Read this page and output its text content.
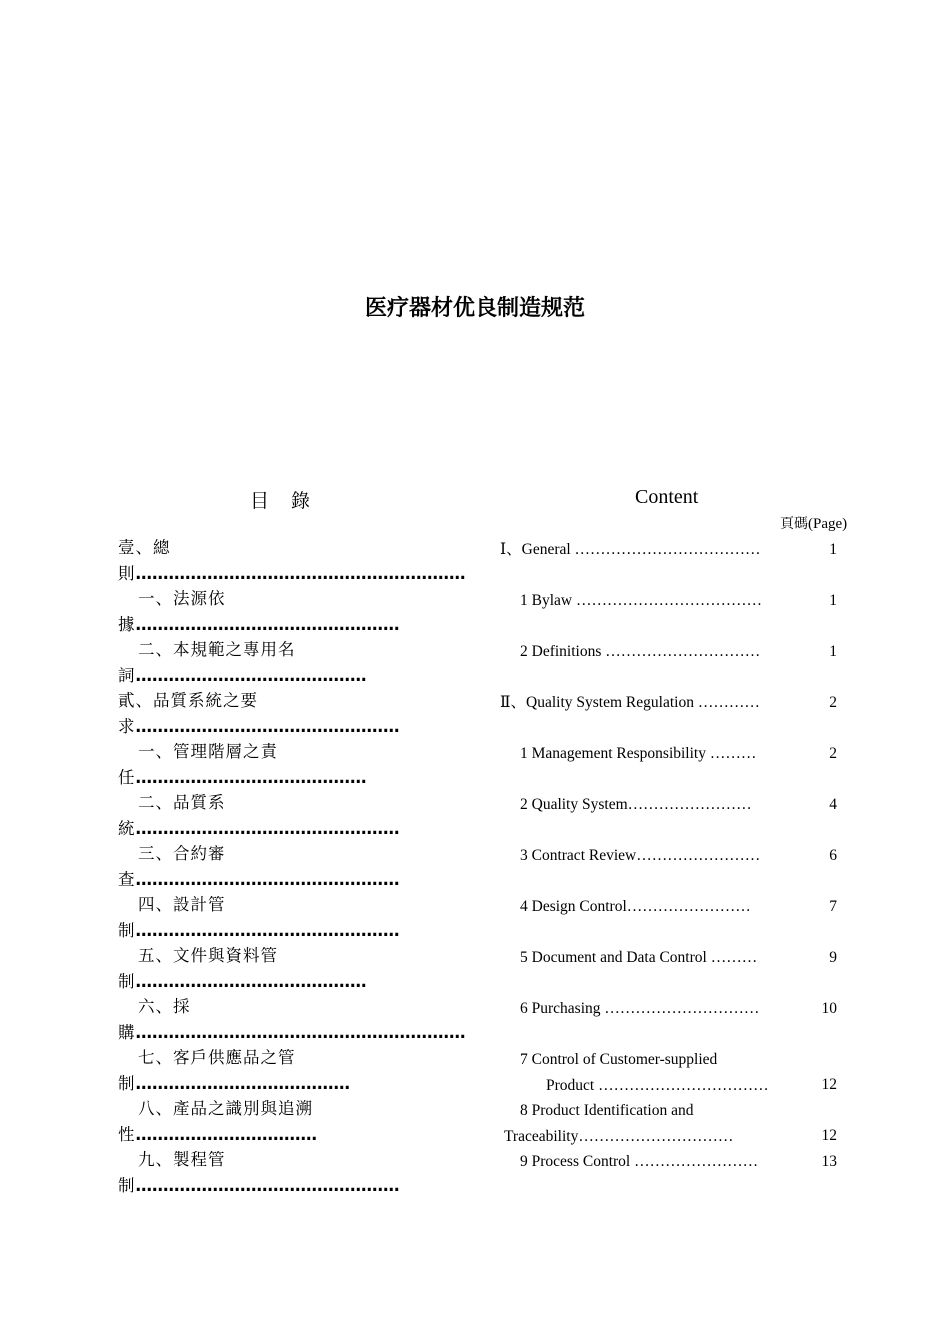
医疗器材优良制造规范
目錄	Content
頁碼(Page)
壹、總則……………………………………………………
Ⅰ、General ………………………………	1
一、法源依據…………………………………………
1 Bylaw ………………………………	1
二、本規範之專用名詞……………………………………
2 Definitions …………………………	1
貳、品質系統之要求…………………………………………
Ⅱ、Quality System Regulation …………	2
一、管理階層之責任……………………………………
1 Management Responsibility ………	2
二、品質系統…………………………………………
2 Quality System……………………	4
三、合約審查…………………………………………
3 Contract Review……………………	6
四、設計管制…………………………………………
4 Design Control……………………	7
五、文件與資料管制……………………………………
5 Document and Data Control ………	9
六、採購……………………………………………………
6 Purchasing …………………………	10
七、客戶供應品之管制…………………………………
7 Control of Customer-supplied
Product ……………………………	12
八、產品之識別與追溯性……………………………
8 Product Identification and
Traceability…………………………	12
九、製程管制…………………………………………
9 Process Control ……………………	13
